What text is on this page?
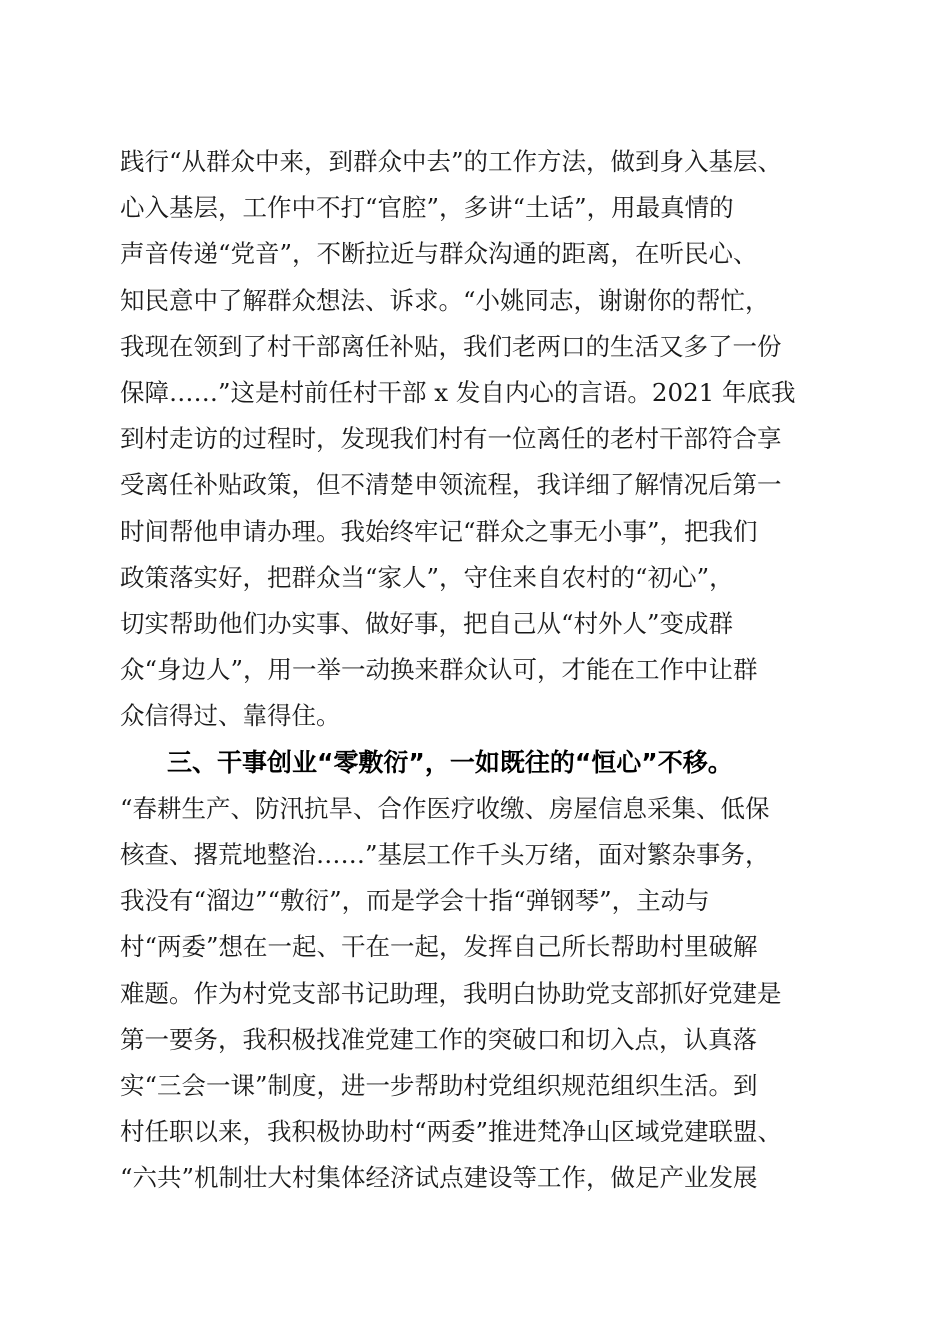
践行“从群众中来，到群众中去”的工作方法，做到身入基层、
心入基层，工作中不打“官腔”，多讲“土话”，用最真情的
声音传递“党音”，不断拉近与群众沟通的距离，在听民心、
知民意中了解群众想法、诉求。“小姚同志，谢谢你的帮忙，
我现在领到了村干部离任补贴，我们老两口的生活又多了一份
保障……”这是村前任村干部 x 发自内心的言语。2021 年底我
到村走访的过程时，发现我们村有一位离任的老村干部符合享
受离任补贴政策，但不清楚申领流程，我详细了解情况后第一
时间帮他申请办理。我始终牢记“群众之事无小事”，把我们
政策落实好，把群众当“家人”，守住来自农村的“初心”，
切实帮助他们办实事、做好事，把自己从“村外人”变成群
众“身边人”，用一举一动换来群众认可，才能在工作中让群
众信得过、靠得住。
三、干事创业“零敷衍”，一如既往的“恒心”不移。
“春耕生产、防汛抗旱、合作医疗收缴、房屋信息采集、低保
核查、撂荒地整治……”基层工作千头万绪，面对繁杂事务，
我没有“溜边”“敷衍”，而是学会十指“弹钢琴”，主动与
村“两委”想在一起、干在一起，发挥自己所长帮助村里破解
难题。作为村党支部书记助理，我明白协助党支部抓好党建是
第一要务，我积极找准党建工作的突破口和切入点，认真落
实“三会一课”制度，进一步帮助村党组织规范组织生活。到
村任职以来，我积极协助村“两委”推进梵净山区域党建联盟、
“六共”机制壮大村集体经济试点建设等工作，做足产业发展
